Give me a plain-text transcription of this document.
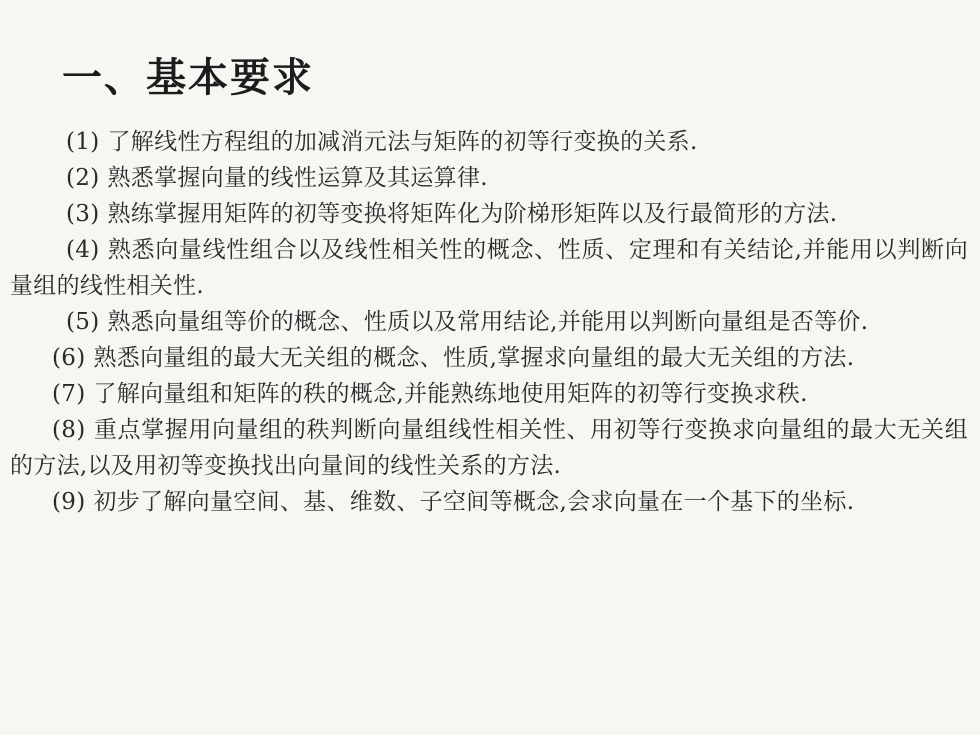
一、基本要求

(1) 了解线性方程组的加减消元法与矩阵的初等行变换的关系.

(2) 熟悉掌握向量的线性运算及其运算律.

(3) 熟练掌握用矩阵的初等变换将矩阵化为阶梯形矩阵以及行最简形的方法.

(4) 熟悉向量线性组合以及线性相关性的概念、性质、定理和有关结论,并能用以判断向量组的线性相关性.

(5) 熟悉向量组等价的概念、性质以及常用结论,并能用以判断向量组是否等价.

(6) 熟悉向量组的最大无关组的概念、性质,掌握求向量组的最大无关组的方法.

(7) 了解向量组和矩阵的秩的概念,并能熟练地使用矩阵的初等行变换求秩.

(8) 重点掌握用向量组的秩判断向量组线性相关性、用初等行变换求向量组的最大无关组的方法,以及用初等变换找出向量间的线性关系的方法.

(9) 初步了解向量空间、基、维数、子空间等概念,会求向量在一个基下的坐标.
